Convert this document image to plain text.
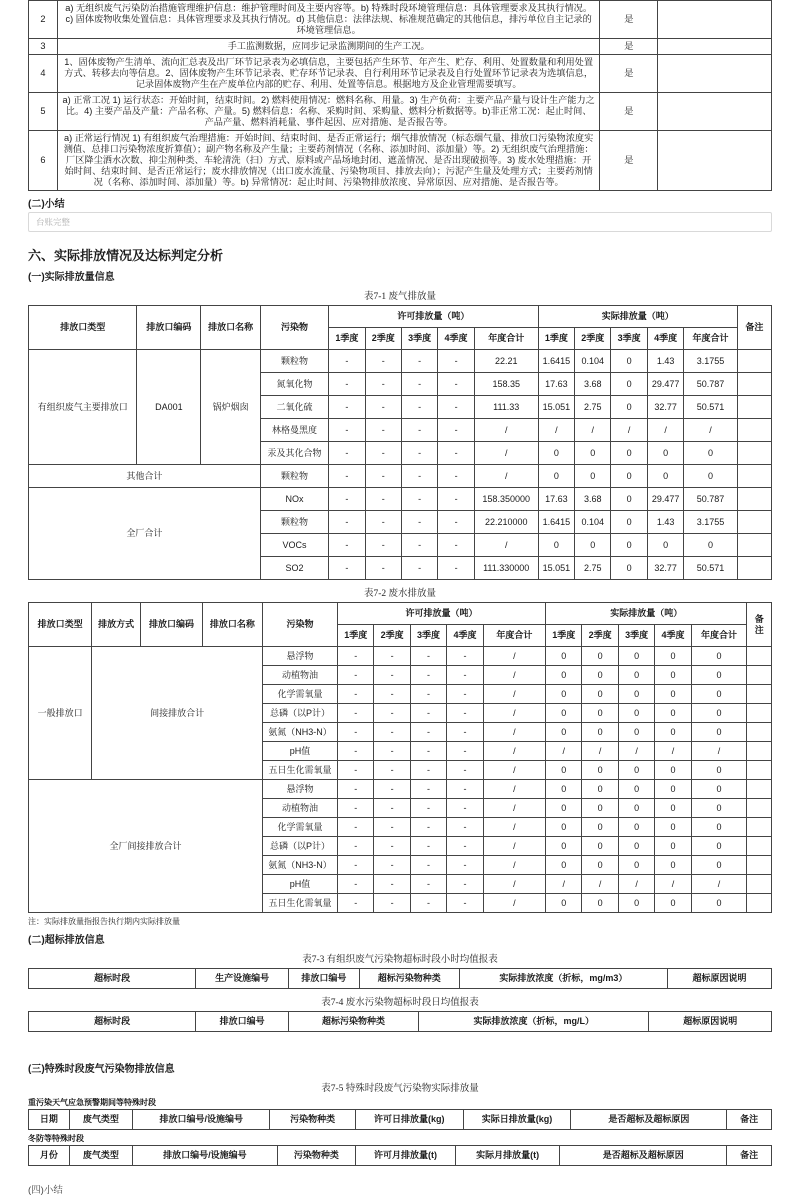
2	a) 无组织废气污染防治措施管理维护信息：维护管理时间及主要内容等。b) 特殊时段环境管理信息：具体管理要求及其执行情况。c) 固体废物收集处置信息：具体管理要求及其执行情况。d) 其他信息：法律法规、标准规范确定的其他信息，排污单位自主记录的环境管理信息。	是	
3	手工监测数据，应同步记录监测期间的生产工况。	是	
4	1、固体废物产生清单、流向汇总表及出厂环节记录表为必填信息，主要包括产生环节、年产生、贮存、利用、处置数量和利用处置方式、转移去向等信息。2、固体废物产生环节记录表、贮存环节记录表、自行利用环节记录表及自行处置环节记录表为选填信息，记录固体废物产生在产废单位内部的贮存、利用、处置等信息。根据地方及企业管理需要填写。	是	
5	a) 正常工况 1) 运行状态：开始时间，结束时间。2) 燃料使用情况：燃料名称、用量。3) 生产负荷：主要产品产量与设计生产能力之比。4) 主要产品及产量：产品名称、产量。5) 燃料信息：名称、采购时间、采购量、燃料分析数据等。b)非正常工况：起止时间、产品产量、燃料消耗量、事件起因、应对措施、是否报告等。	是	
6	a) 正常运行情况 1) 有组织废气治理措施：开始时间、结束时间、是否正常运行；烟气排放情况（标态烟气量、排放口污染物浓度实测值、总排口污染物浓度折算值）；副产物名称及产生量；主要药剂情况（名称、添加时间、添加量）等。2) 无组织废气治理措施：厂区降尘洒水次数、抑尘剂种类、车轮清洗（扫）方式、原料或产品场地封闭、遮盖情况、是否出现破损等。3) 废水处理措施：开始时间、结束时间、是否正常运行；废水排放情况（出口废水流量、污染物项目、排放去向）；污泥产生量及处理方式；主要药剂情况（名称、添加时间、添加量）等。b) 异常情况：起止时间、污染物排放浓度、异常原因、应对措施、是否报告等。	是	
(二)小结
台账完整
六、实际排放情况及达标判定分析
(一)实际排放量信息
表7-1 废气排放量
排放口类型	排放口编码	排放口名称	污染物	许可排放量（吨）					实际排放量（吨）					备注
				1季度	2季度	3季度	4季度	年度合计	1季度	2季度	3季度	4季度	年度合计	
有组织废气主要排放口	DA001	锅炉烟囱	颗粒物	-	-	-	-	22.21	1.6415	0.104	0	1.43	3.1755	
			氮氧化物	-	-	-	-	158.35	17.63	3.68	0	29.477	50.787	
			二氧化硫	-	-	-	-	111.33	15.051	2.75	0	32.77	50.571	
			林格曼黑度	-	-	-	-	/	/	/	/	/	/	
			汞及其化合物	-	-	-	-	/	0	0	0	0	0	
其他合计			颗粒物	-	-	-	-	/	0	0	0	0	0	
全厂合计			NOx	-	-	-	-	158.350000	17.63	3.68	0	29.477	50.787	
			颗粒物	-	-	-	-	22.210000	1.6415	0.104	0	1.43	3.1755	
			VOCs	-	-	-	-	/	0	0	0	0	0	
			SO2	-	-	-	-	111.330000	15.051	2.75	0	32.77	50.571	
表7-2 废水排放量
排放口类型	排放方式	排放口编码	排放口名称	污染物	许可排放量（吨）					实际排放量（吨）					备注
					1季度	2季度	3季度	4季度	年度合计	1季度	2季度	3季度	4季度	年度合计	
一般排放口	间接排放合计			悬浮物	-	-	-	-	/	0	0	0	0	0	
				动植物油	-	-	-	-	/	0	0	0	0	0	
				化学需氧量	-	-	-	-	/	0	0	0	0	0	
				总磷（以P计）	-	-	-	-	/	0	0	0	0	0	
				氨氮（NH3-N）	-	-	-	-	/	0	0	0	0	0	
				pH值	-	-	-	-	/	/	/	/	/	/	
				五日生化需氧量	-	-	-	-	/	0	0	0	0	0	
全厂间接排放合计				悬浮物	-	-	-	-	/	0	0	0	0	0	
				动植物油	-	-	-	-	/	0	0	0	0	0	
				化学需氧量	-	-	-	-	/	0	0	0	0	0	
				总磷（以P计）	-	-	-	-	/	0	0	0	0	0	
				氨氮（NH3-N）	-	-	-	-	/	0	0	0	0	0	
				pH值	-	-	-	-	/	/	/	/	/	/	
				五日生化需氧量	-	-	-	-	/	0	0	0	0	0	
注：实际排放量指报告执行期内实际排放量
(二)超标排放信息
表7-3 有组织废气污染物超标时段小时均值报表
超标时段	生产设施编号	排放口编号	超标污染物种类	实际排放浓度（折标，mg/m3）	超标原因说明
表7-4 废水污染物超标时段日均值报表
超标时段	排放口编号	超标污染物种类	实际排放浓度（折标，mg/L）	超标原因说明
(三)特殊时段废气污染物排放信息
表7-5 特殊时段废气污染物实际排放量
重污染天气应急预警期间等特殊时段
日期	废气类型	排放口编号/设施编号	污染物种类	许可日排放量(kg)	实际日排放量(kg)	是否超标及超标原因	备注
冬防等特殊时段
月份	废气类型	排放口编号/设施编号	污染物种类	许可月排放量(t)	实际月排放量(t)	是否超标及超标原因	备注
(四)小结
